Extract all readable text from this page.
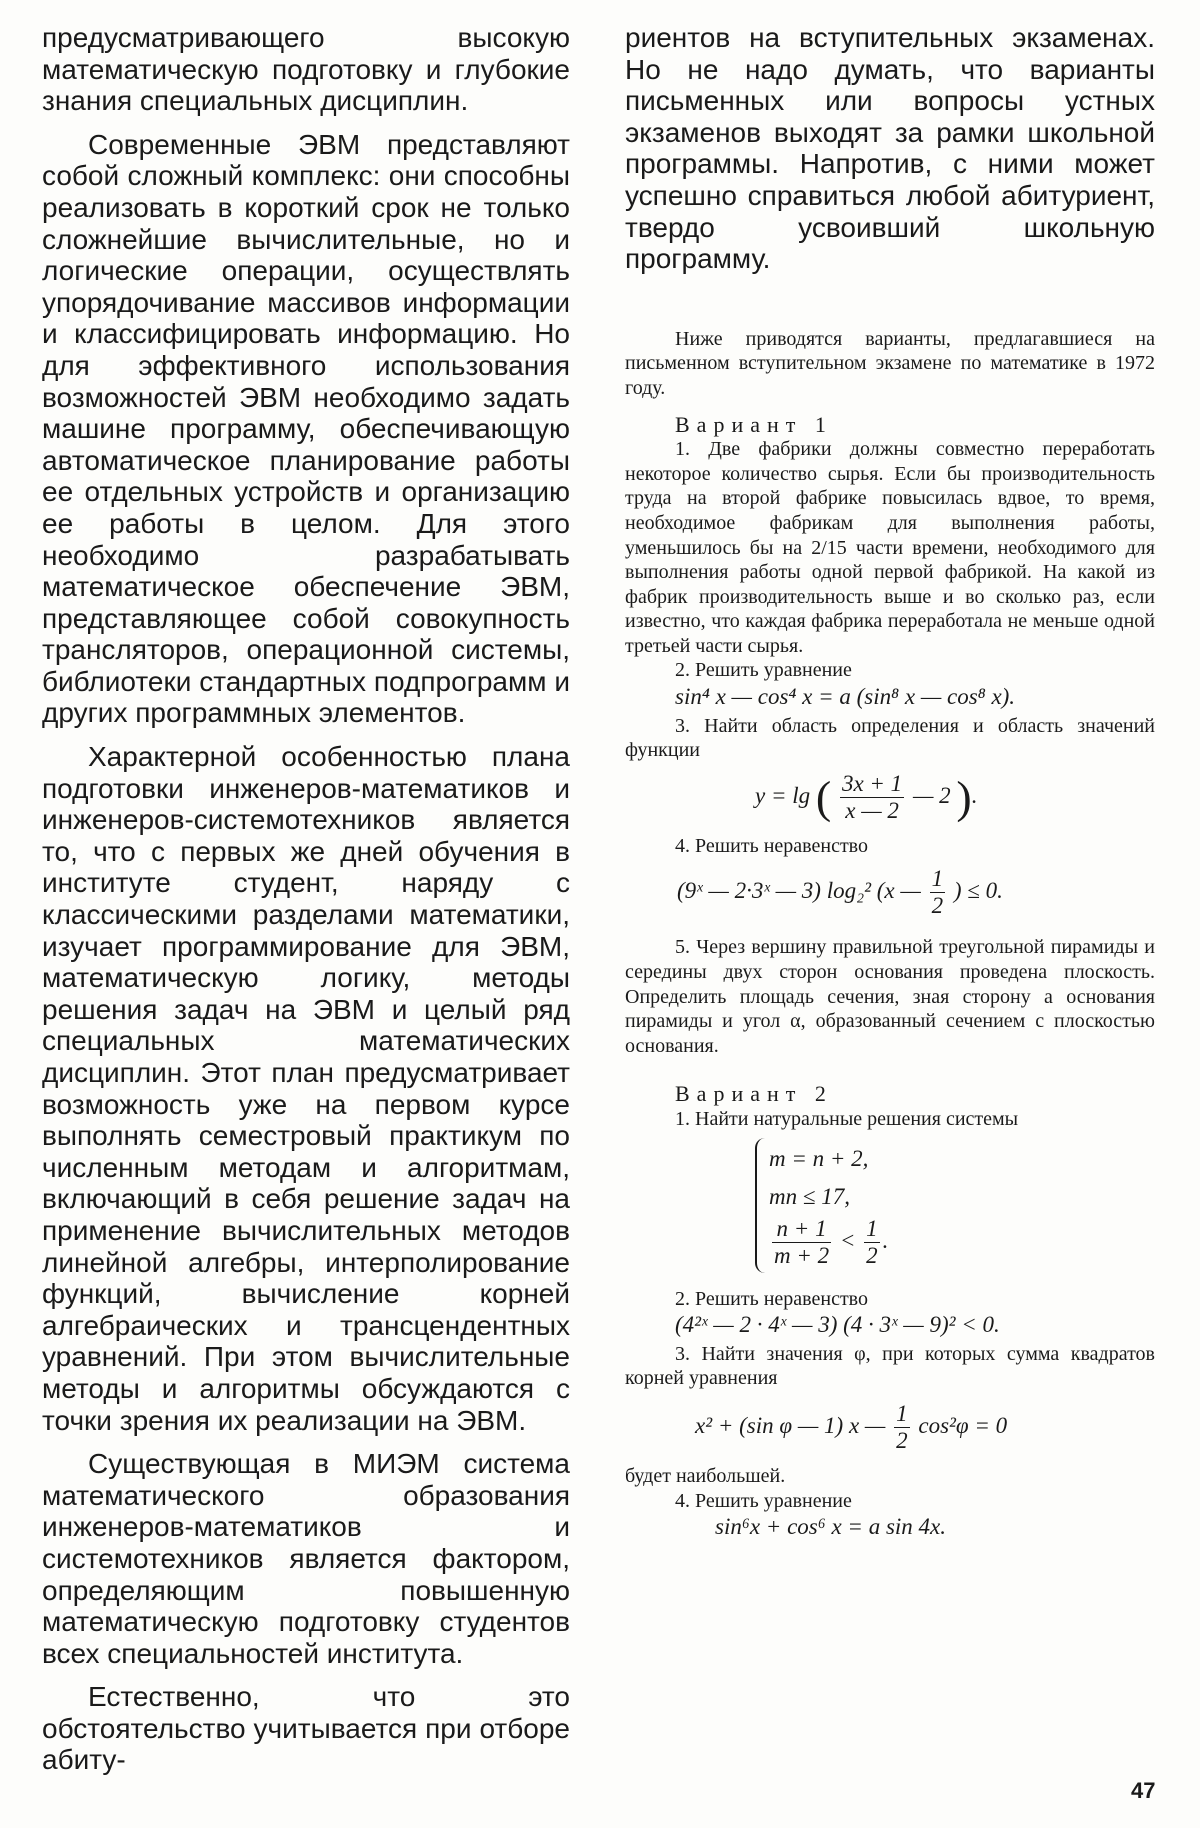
предусматривающего высокую математическую подготовку и глубокие знания специальных дисциплин.

Современные ЭВМ представляют собой сложный комплекс: они способны реализовать в короткий срок не только сложнейшие вычислительные, но и логические операции, осуществлять упорядочивание массивов информации и классифицировать информацию. Но для эффективного использования возможностей ЭВМ необходимо задать машине программу, обеспечивающую автоматическое планирование работы ее отдельных устройств и организацию ее работы в целом. Для этого необходимо разрабатывать математическое обеспечение ЭВМ, представляющее собой совокупность трансляторов, операционной системы, библиотеки стандартных подпрограмм и других программных элементов.

Характерной особенностью плана подготовки инженеров-математиков и инженеров-системотехников является то, что с первых же дней обучения в институте студент, наряду с классическими разделами математики, изучает программирование для ЭВМ, математическую логику, методы решения задач на ЭВМ и целый ряд специальных математических дисциплин. Этот план предусматривает возможность уже на первом курсе выполнять семестровый практикум по численным методам и алгоритмам, включающий в себя решение задач на применение вычислительных методов линейной алгебры, интерполирование функций, вычисление корней алгебраических и трансцендентных уравнений. При этом вычислительные методы и алгоритмы обсуждаются с точки зрения их реализации на ЭВМ.

Существующая в МИЭМ система математического образования инженеров-математиков и системотехников является фактором, определяющим повышенную математическую подготовку студентов всех специальностей института.

Естественно, что это обстоятельство учитывается при отборе абиту-

риентов на вступительных экзаменах. Но не надо думать, что варианты письменных или вопросы устных экзаменов выходят за рамки школьной программы. Напротив, с ними может успешно справиться любой абитуриент, твердо усвоивший школьную программу.

Ниже приводятся варианты, предлагавшиеся на письменном вступительном экзамене по математике в 1972 году.

Вариант 1

1. Две фабрики должны совместно переработать некоторое количество сырья. Если бы производительность труда на второй фабрике повысилась вдвое, то время, необходимое фабрикам для выполнения работы, уменьшилось бы на 2/15 части времени, необходимого для выполнения работы одной первой фабрикой. На какой из фабрик производительность выше и во сколько раз, если известно, что каждая фабрика переработала не меньше одной третьей части сырья.

2. Решить уравнение

sin⁴ x — cos⁴ x = a (sin⁸ x — cos⁸ x).

3. Найти область определения и область значений функции

y = lg ( $\frac{3x + 1}{x — 2}$ — 2 ).

4. Решить неравенство

(9ˣ — 2·3ˣ — 3) log₂² (x — $\frac{1}{2}$ ) ≤ 0.

5. Через вершину правильной треугольной пирамиды и середины двух сторон основания проведена плоскость. Определить площадь сечения, зная сторону a основания пирамиды и угол α, образованный сечением с плоскостью основания.

Вариант 2

1. Найти натуральные решения системы

m = n + 2,
mn ≤ 17,
$\frac{n + 1}{m + 2} < \frac{1}{2}$ .

2. Решить неравенство

(4²ˣ — 2 · 4ˣ — 3) (4 · 3ˣ — 9)² < 0.

3. Найти значения φ, при которых сумма квадратов корней уравнения

x² + (sin φ — 1) x — $\frac{1}{2} \cos^2\varphi = 0$

будет наибольшей.

4. Решить уравнение

sin⁶x + cos⁶ x = a sin 4x.

47
